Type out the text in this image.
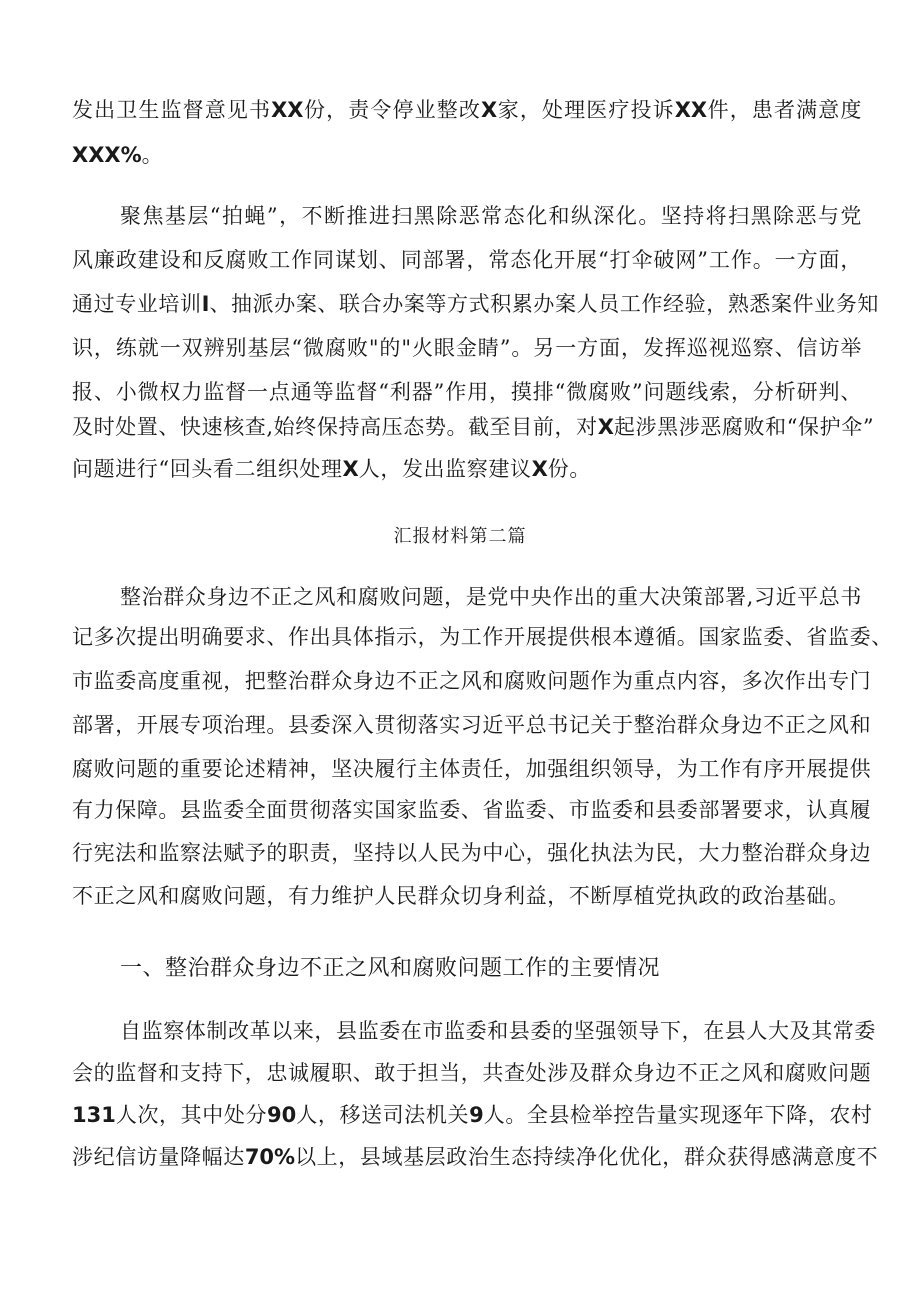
发出卫生监督意见书XX份，责令停业整改X家，处理医疗投诉XX件，患者满意度
XXX%。
聚焦基层“拍蝇”，不断推进扫黑除恶常态化和纵深化。坚持将扫黑除恶与党
风廉政建设和反腐败工作同谋划、同部署，常态化开展“打伞破网”工作。一方面，
通过专业培训I、抽派办案、联合办案等方式积累办案人员工作经验，熟悉案件业务知
识，练就一双辨别基层“微腐败"的"火眼金睛”。另一方面，发挥巡视巡察、信访举
报、小微权力监督一点通等监督“利器”作用，摸排“微腐败”问题线索，分析研判、
及时处置、快速核查,始终保持高压态势。截至目前，对X起涉黑涉恶腐败和“保护伞”
问题进行“回头看二组织处理X人，发出监察建议X份。
汇报材料第二篇
整治群众身边不正之风和腐败问题，是党中央作出的重大决策部署,习近平总书
记多次提出明确要求、作出具体指示，为工作开展提供根本遵循。国家监委、省监委、
市监委高度重视，把整治群众身边不正之风和腐败问题作为重点内容，多次作出专门
部署，开展专项治理。县委深入贯彻落实习近平总书记关于整治群众身边不正之风和
腐败问题的重要论述精神，坚决履行主体责任，加强组织领导，为工作有序开展提供
有力保障。县监委全面贯彻落实国家监委、省监委、市监委和县委部署要求，认真履
行宪法和监察法赋予的职责，坚持以人民为中心，强化执法为民，大力整治群众身边
不正之风和腐败问题，有力维护人民群众切身利益，不断厚植党执政的政治基础。
一、整治群众身边不正之风和腐败问题工作的主要情况
自监察体制改革以来，县监委在市监委和县委的坚强领导下，在县人大及其常委
会的监督和支持下，忠诚履职、敢于担当，共查处涉及群众身边不正之风和腐败问题
131人次，其中处分90人，移送司法机关9人。全县检举控告量实现逐年下降，农村
涉纪信访量降幅达70%以上，县域基层政治生态持续净化优化，群众获得感满意度不
